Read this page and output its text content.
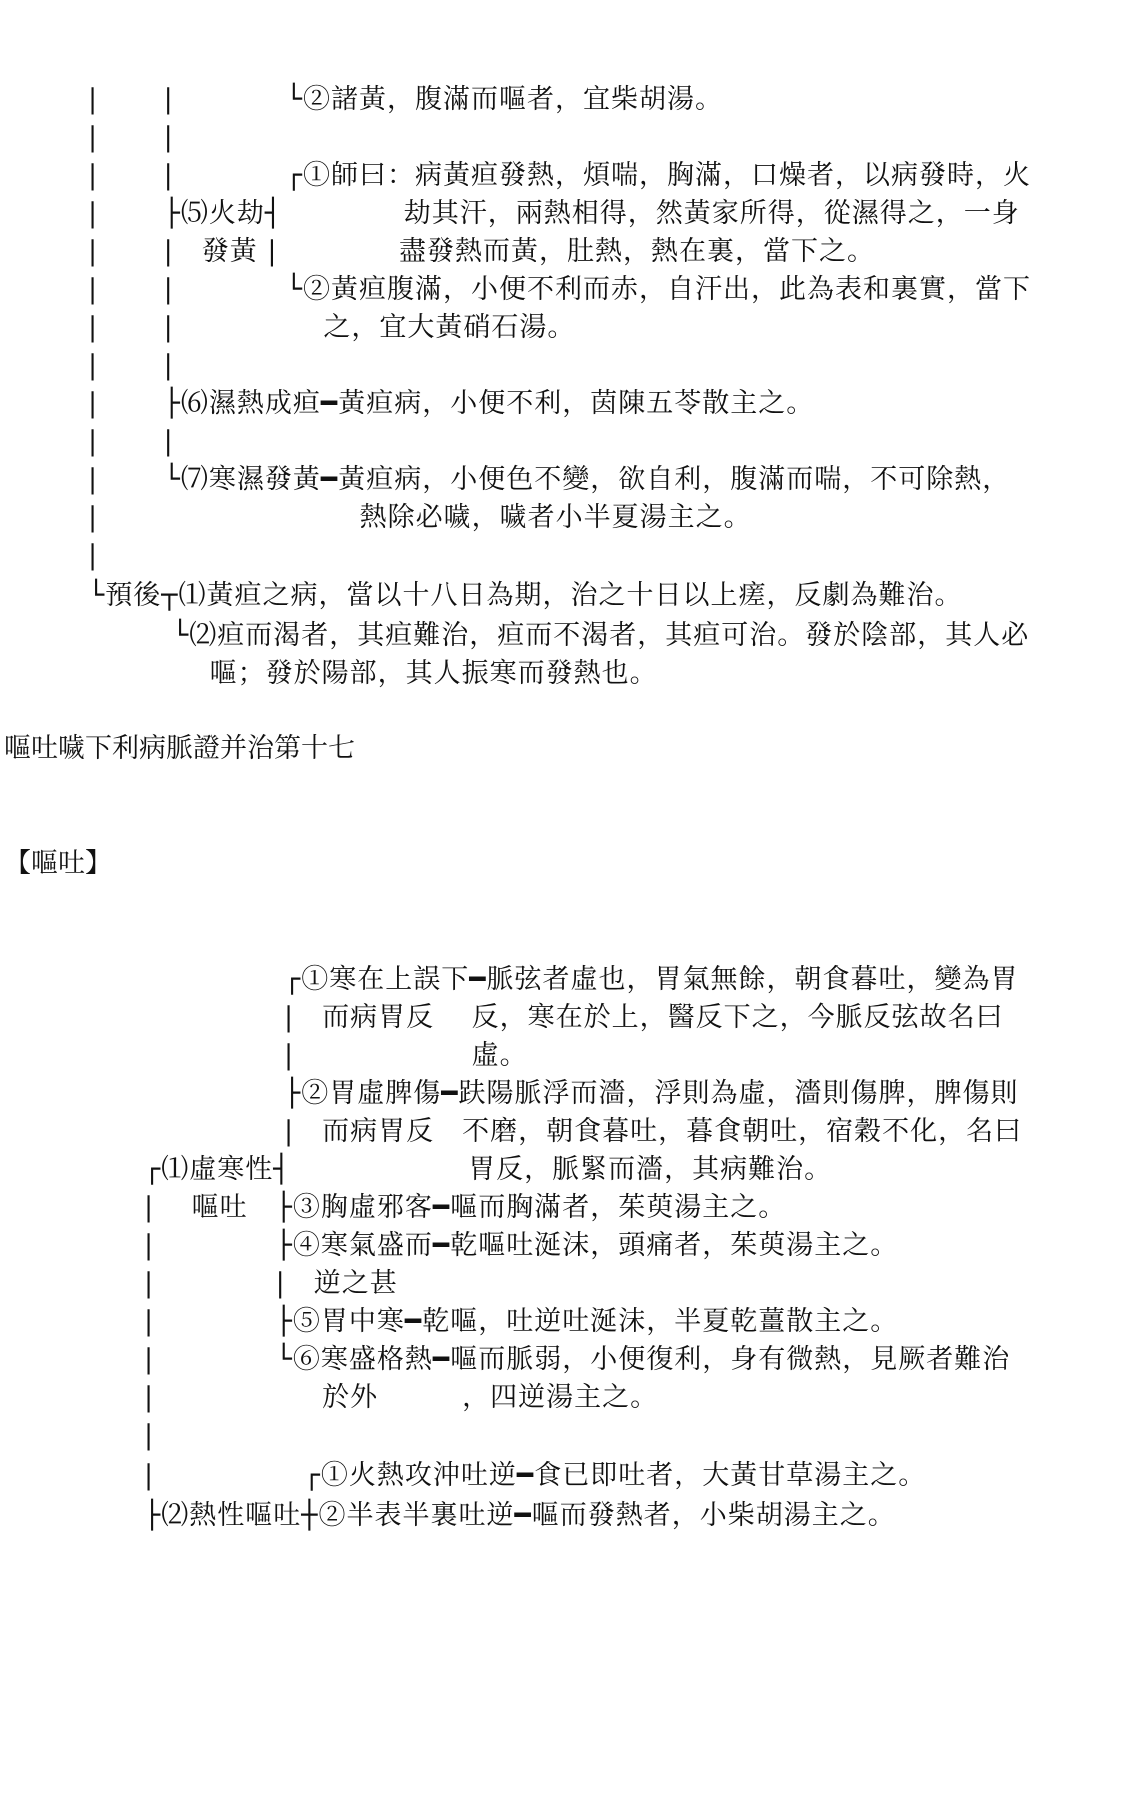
|　　 |　　　　└②諸黃，腹滿而嘔者，宜柴胡湯。
|　　 |
|　　 |　　　　┌①師曰：病黃疸發熱，煩喘，胸滿，口燥者，以病發時，火
|　　 ├⑸火劫┤　　　　 劫其汗，兩熱相得，然黃家所得，從濕得之，一身
|　　 |　發黃 |　　　　 盡發熱而黃，肚熱，熱在裏，當下之。
|　　 |　　　　└②黃疸腹滿，小便不利而赤，自汗出，此為表和裏實，當下
|　　 |　　　　　 之，宜大黃硝石湯。
|　　 |
|　　 ├⑹濕熱成疸━黃疸病，小便不利，茵陳五苓散主之。
|　　 |
|　　 └⑺寒濕發黃━黃疸病，小便色不變，欲自利，腹滿而喘，不可除熱，
|　　　　　　　　　 熱除必噦，噦者小半夏湯主之。
|
└預後┬⑴黃疸之病，當以十八日為期，治之十日以上瘥，反劇為難治。
　　　└⑵疸而渴者，其疸難治，疸而不渴者，其疸可治。發於陰部，其人必
　　　　 嘔；發於陽部，其人振寒而發熱也。
嘔吐噦下利病脈證并治第十七
【嘔吐】
　　　　　　　┌①寒在上誤下━脈弦者虛也，胃氣無餘，朝食暮吐，變為胃
　　　　　　　|　而病胃反　 反，寒在於上，醫反下之，今脈反弦故名曰
　　　　　　　|　　　　　　 虛。
　　　　　　　├②胃虛脾傷━趺陽脈浮而濇，浮則為虛，濇則傷脾，脾傷則
　　　　　　　|　而病胃反　不磨，朝食暮吐，暮食朝吐，宿穀不化，名曰
　　┌⑴虛寒性┤　　　　　　 胃反，脈緊而濇，其病難治。
　　|　 嘔吐　├③胸虛邪客━嘔而胸滿者，茱萸湯主之。
　　|　　　　 ├④寒氣盛而━乾嘔吐涎沫，頭痛者，茱萸湯主之。
　　|　　　　 |　逆之甚
　　|　　　　 ├⑤胃中寒━乾嘔，吐逆吐涎沫，半夏乾薑散主之。
　　|　　　　 └⑥寒盛格熱━嘔而脈弱，小便復利，身有微熱，見厥者難治
　　|　　　　　　於外　　　，四逆湯主之。
　　|
　　|　　　　　 ┌①火熱攻沖吐逆━食已即吐者，大黃甘草湯主之。
　　├⑵熱性嘔吐┼②半表半裏吐逆━嘔而發熱者，小柴胡湯主之。
